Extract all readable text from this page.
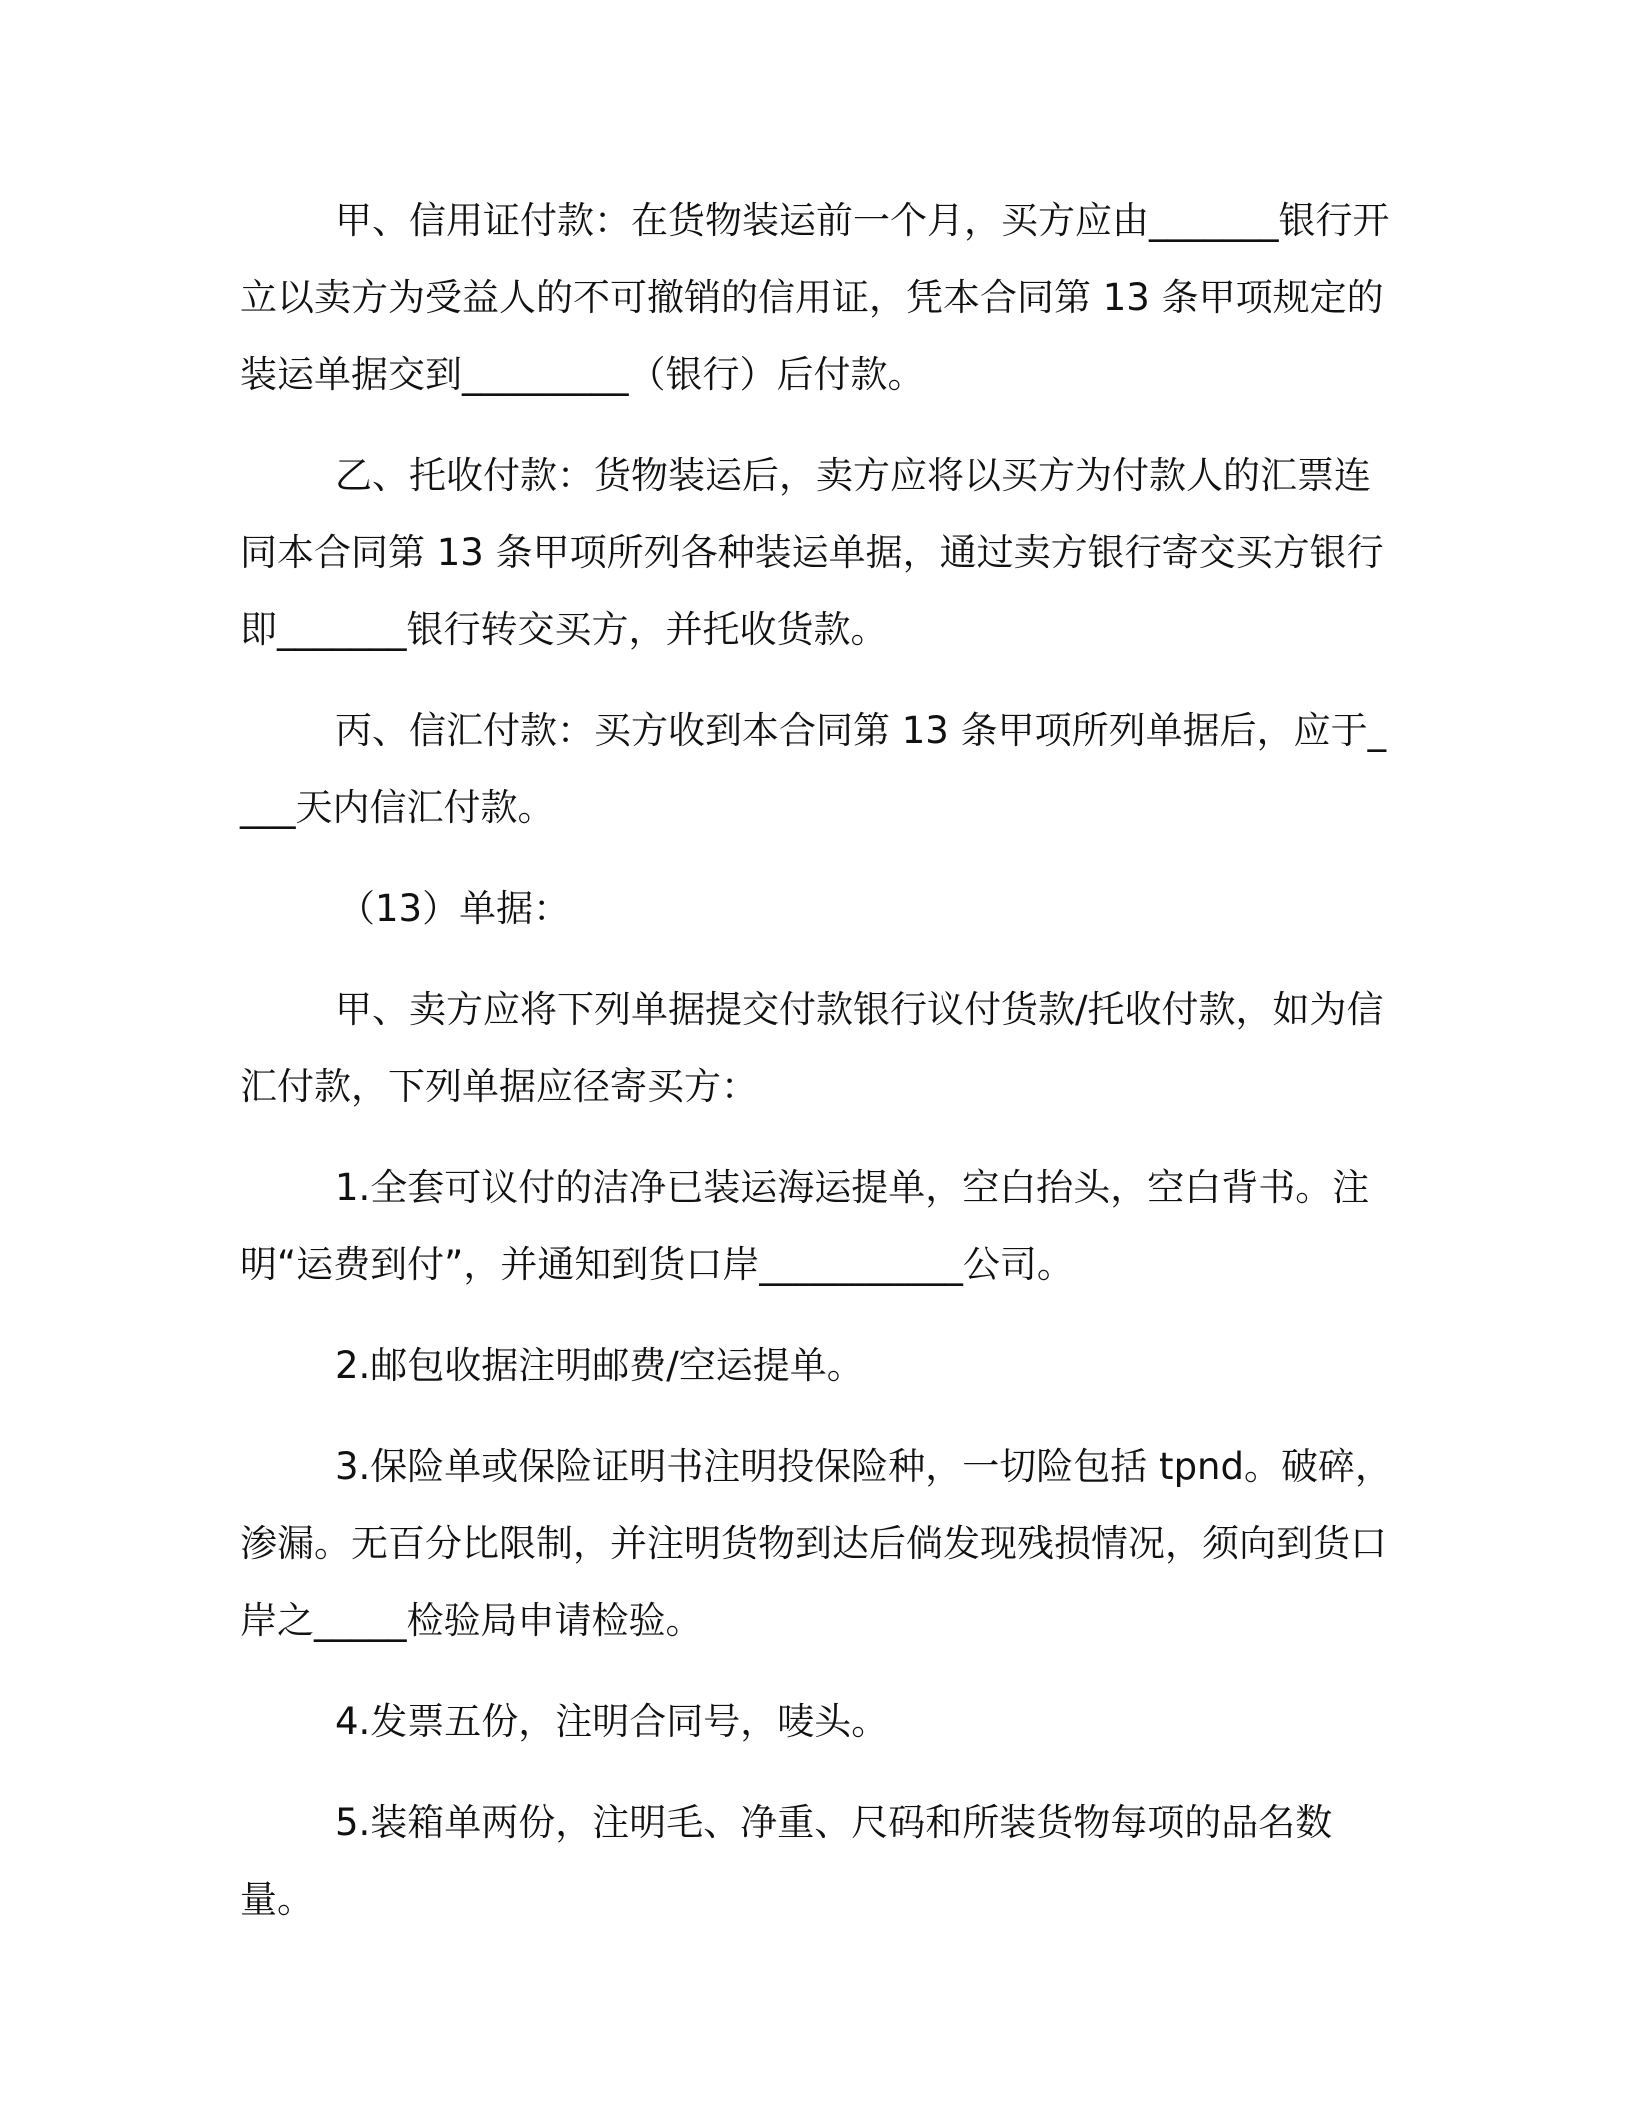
甲、信用证付款：在货物装运前一个月，买方应由_______银行开立以卖方为受益人的不可撤销的信用证，凭本合同第 13 条甲项规定的装运单据交到_________（银行）后付款。

乙、托收付款：货物装运后，卖方应将以买方为付款人的汇票连同本合同第 13 条甲项所列各种装运单据，通过卖方银行寄交买方银行即_______银行转交买方，并托收货款。

丙、信汇付款：买方收到本合同第 13 条甲项所列单据后，应于____天内信汇付款。

（13）单据：

甲、卖方应将下列单据提交付款银行议付货款/托收付款，如为信汇付款，下列单据应径寄买方：

1.全套可议付的洁净已装运海运提单，空白抬头，空白背书。注明“运费到付”，并通知到货口岸___________公司。

2.邮包收据注明邮费/空运提单。

3.保险单或保险证明书注明投保险种，一切险包括 tpnd。破碎，渗漏。无百分比限制，并注明货物到达后倘发现残损情况，须向到货口岸之_____检验局申请检验。

4.发票五份，注明合同号，唛头。

5.装箱单两份，注明毛、净重、尺码和所装货物每项的品名数量。
